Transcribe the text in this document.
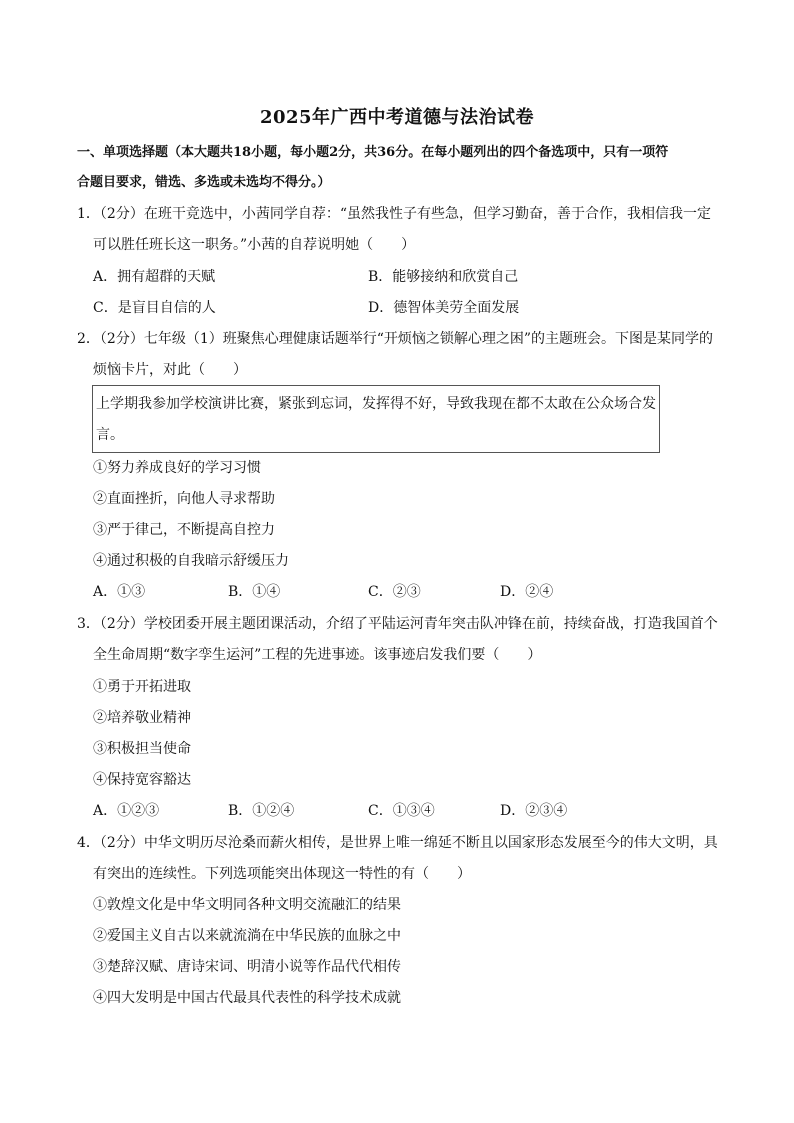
2025年广西中考道德与法治试卷
一、单项选择题（本大题共18小题，每小题2分，共36分。在每小题列出的四个备选项中，只有一项符
合题目要求，错选、多选或未选均不得分。）
1．（2分）在班干竞选中，小茜同学自荐：“虽然我性子有些急，但学习勤奋，善于合作，我相信我一定
可以胜任班长这一职务。”小茜的自荐说明她（　　）
A．拥有超群的天赋	B．能够接纳和欣赏自己
C．是盲目自信的人	D．德智体美劳全面发展
2．（2分）七年级（1）班聚焦心理健康话题举行“开烦恼之锁解心理之困”的主题班会。下图是某同学的
烦恼卡片，对此（　　）
上学期我参加学校演讲比赛，紧张到忘词，发挥得不好，导致我现在都不太敢在公众场合发
言。
①努力养成良好的学习习惯
②直面挫折，向他人寻求帮助
③严于律己，不断提高自控力
④通过积极的自我暗示舒缓压力
A．①③	B．①④	C．②③	D．②④
3．（2分）学校团委开展主题团课活动，介绍了平陆运河青年突击队冲锋在前，持续奋战，打造我国首个
全生命周期“数字孪生运河”工程的先进事迹。该事迹启发我们要（　　）
①勇于开拓进取
②培养敬业精神
③积极担当使命
④保持宽容豁达
A．①②③	B．①②④	C．①③④	D．②③④
4．（2分）中华文明历尽沧桑而薪火相传，是世界上唯一绵延不断且以国家形态发展至今的伟大文明，具
有突出的连续性。下列选项能突出体现这一特性的有（　　）
①敦煌文化是中华文明同各种文明交流融汇的结果
②爱国主义自古以来就流淌在中华民族的血脉之中
③楚辞汉赋、唐诗宋词、明清小说等作品代代相传
④四大发明是中国古代最具代表性的科学技术成就
